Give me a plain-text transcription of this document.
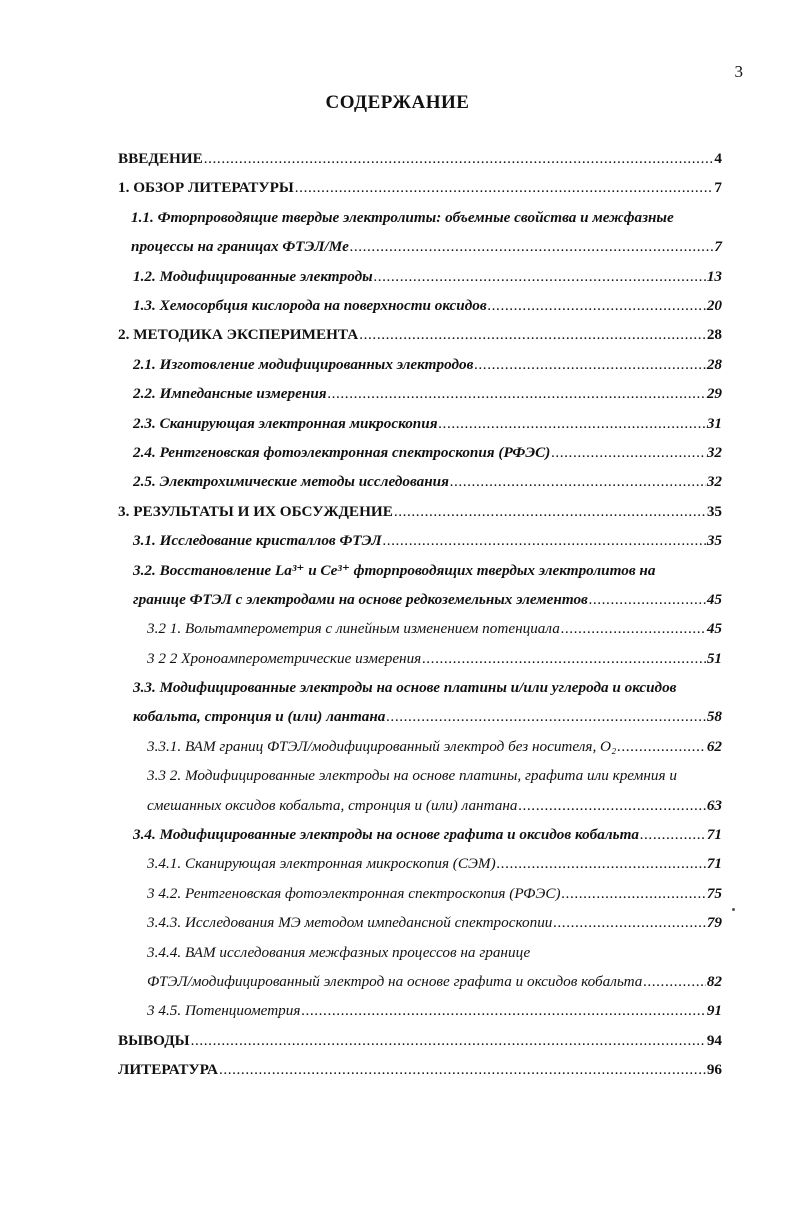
3
СОДЕРЖАНИЕ
ВВЕДЕНИЕ .....	4
1. ОБЗОР ЛИТЕРАТУРЫ .....	7
1.1. Фторпроводящие твердые электролиты: объемные свойства и межфазные
процессы на границах ФТЭЛ/Ме .....	7
1.2. Модифицированные электроды .....	13
1.3. Хемосорбция кислорода на поверхности оксидов .....	20
2. МЕТОДИКА ЭКСПЕРИМЕНТА .....	28
2.1. Изготовление модифицированных электродов .....	28
2.2. Импедансные измерения .....	29
2.3. Сканирующая электронная микроскопия .....	31
2.4. Рентгеновская фотоэлектронная спектроскопия (РФЭС) .....	32
2.5. Электрохимические методы исследования .....	32
3. РЕЗУЛЬТАТЫ И ИХ ОБСУЖДЕНИЕ .....	35
3.1. Исследование кристаллов ФТЭЛ .....	35
3.2. Восстановление La³⁺ и Ce³⁺ фторпроводящих твердых электролитов на
границе ФТЭЛ с электродами на основе редкоземельных элементов .....	45
3.2 1. Вольтамперометрия с линейным изменением потенциала .....	45
3 2 2 Хроноамперометрические измерения .....	51
3.3. Модифицированные электроды на основе платины и/или углерода и оксидов
кобальта, стронция и (или) лантана .....	58
3.3.1. ВАМ границ ФТЭЛ/модифицированный электрод без носителя, O₂ .....	62
3.3 2. Модифицированные электроды на основе платины, графита или кремния и
смешанных оксидов кобальта, стронция и (или) лантана .....	63
3.4. Модифицированные электроды на основе графита и оксидов кобальта .....	71
3.4.1. Сканирующая электронная микроскопия (СЭМ) .....	71
3 4.2. Рентгеновская фотоэлектронная спектроскопия (РФЭС) .....	75
3.4.3. Исследования МЭ методом импедансной спектроскопии .....	79
3.4.4. ВАМ исследования межфазных процессов на границе
ФТЭЛ/модифицированный электрод на основе графита и оксидов кобальта .....	82
3 4.5. Потенциометрия .....	91
ВЫВОДЫ .....	94
ЛИТЕРАТУРА .....	96
